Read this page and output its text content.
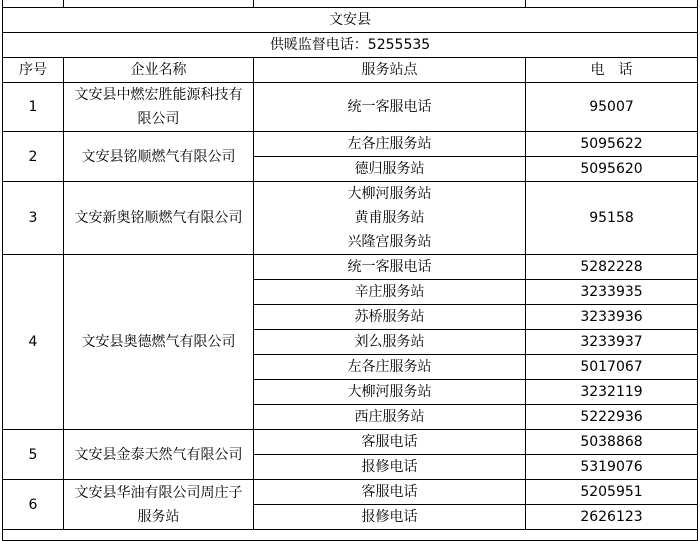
文安县			
供暖监督电话：5255535			
序号	企业名称	服务站点	电　话
1	文安县中燃宏胜能源科技有限公司	统一客服电话	95007

2	文安县铭顺燃气有限公司	左各庄服务站	5095622
		德归服务站	5095620
3	文安新奥铭顺燃气有限公司	大柳河服务站	95158
		黄甫服务站	
		兴隆宫服务站	
4	文安县奥德燃气有限公司	统一客服电话	5282228
		辛庄服务站	3233935
		苏桥服务站	3233936
		刘么服务站	3233937
		左各庄服务站	5017067
		大柳河服务站	3232119
		西庄服务站	5222936
5	文安县金泰天然气有限公司	客服电话	5038868
		报修电话	5319076
6	文安县华油有限公司周庄子服务站	客服电话	5205951
		报修电话	2626123
